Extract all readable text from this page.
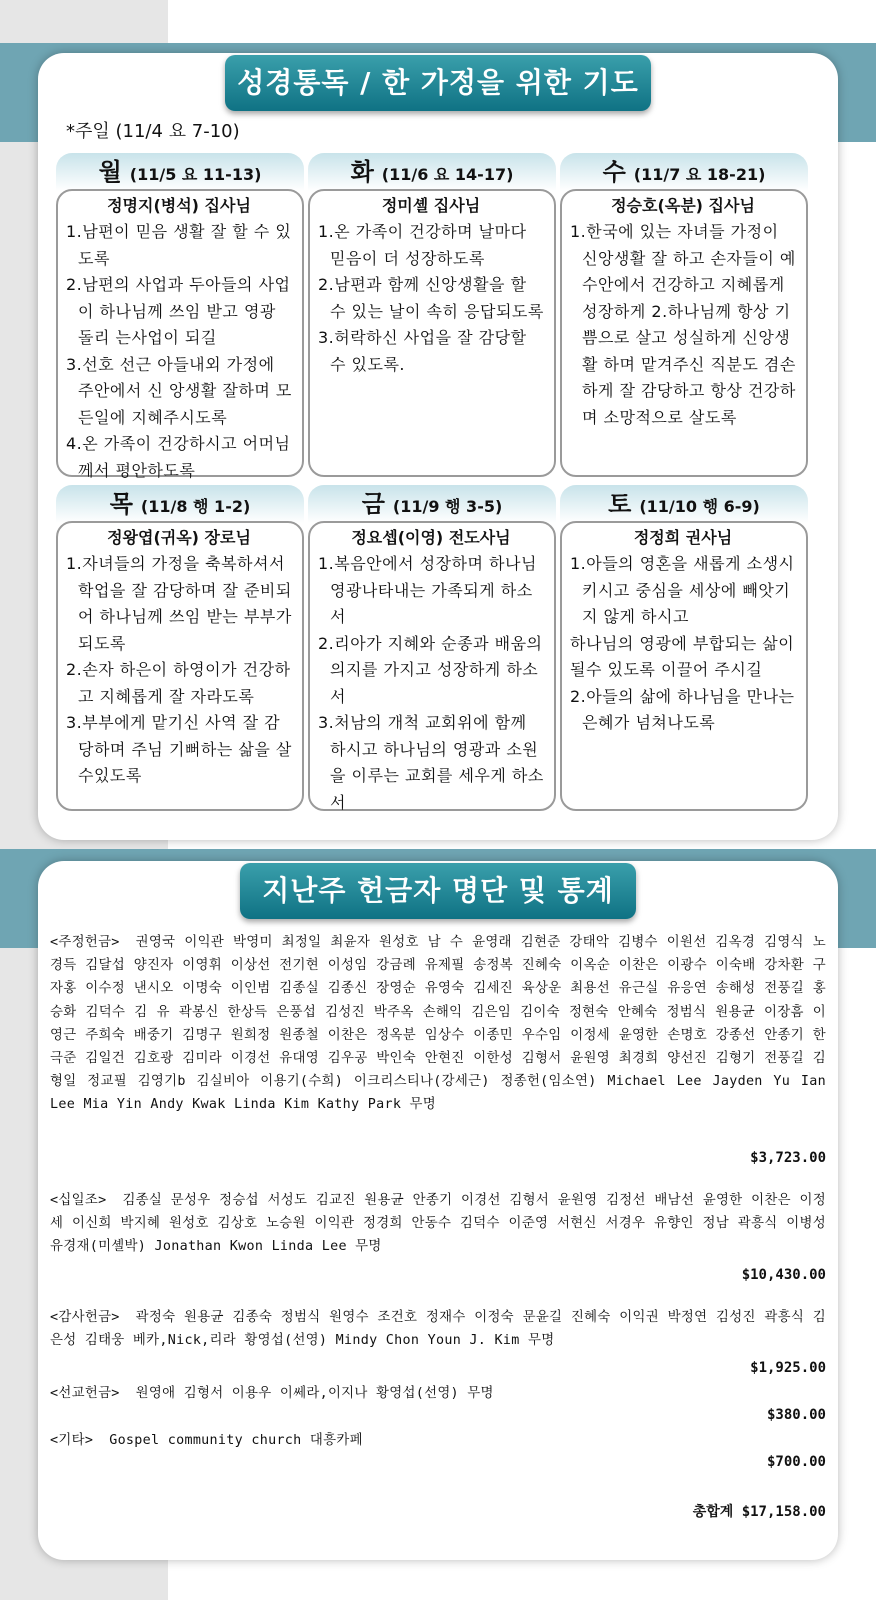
성경통독 / 한 가정을 위한 기도
*주일 (11/4 요 7-10)
월 (11/5 요 11-13)
정명지(병석) 집사님
1.남편이 믿음 생활 잘 할 수 있도록
2.남편의 사업과 두아들의 사업 이 하나님께 쓰임 받고 영광 돌리 는사업이 되길
3.선호 선근 아들내외 가정에 주안에서 신 앙생활 잘하며 모든일에 지혜주시도록
4.온 가족이 건강하시고 어머님께서 평안하도록
화 (11/6 요 14-17)
정미셸 집사님
1.온 가족이 건강하며 날마다 믿음이 더 성장하도록
2.남편과 함께 신앙생활을 할 수 있는 날이 속히 응답되도록
3.허락하신 사업을 잘 감당할 수 있도록.
수 (11/7 요 18-21)
정승호(옥분) 집사님
1.한국에 있는 자녀들 가정이 신앙생활 잘 하고 손자들이 예수안에서 건강하고 지혜롭게 성장하게 2.하나님께 항상 기쁨으로 살고 성실하게 신앙생활 하며 맡겨주신 직분도 겸손하게 잘 감당하고 항상 건강하며 소망적으로 살도록
목 (11/8 행 1-2)
정왕엽(귀옥) 장로님
1.자녀들의 가정을 축복하셔서 학업을 잘 감당하며 잘 준비되어 하나님께 쓰임 받는 부부가 되도록
2.손자 하은이 하영이가 건강하고 지혜롭게 잘 자라도록
3.부부에게 맡기신 사역 잘 감당하며 주님 기뻐하는 삶을 살 수있도록
금 (11/9 행 3-5)
정요셉(이영) 전도사님
1.복음안에서 성장하며 하나님 영광나타내는 가족되게 하소서
2.리아가 지혜와 순종과 배움의 의지를 가지고 성장하게 하소서
3.처남의 개척 교회위에 함께 하시고 하나님의 영광과 소원을 이루는 교회를 세우게 하소서
토 (11/10 행 6-9)
정정희 권사님
1.아들의 영혼을 새롭게 소생시키시고 중심을 세상에 빼앗기지 않게 하시고
하나님의 영광에 부합되는 삶이 될수 있도록 이끌어 주시길
2.아들의 삶에 하나님을 만나는 은혜가 넘쳐나도록
지난주 헌금자 명단 및 통계
<주정헌금> 권영국 이익관 박영미 최정일 최윤자 원성호 남 수 윤영래 김현준 강태악 김병수 이원선 김옥경 김영식 노경득 김달섭 양진자 이영휘 이상선 전기현 이성임 강금례 유제필 송정복 진혜숙 이옥순 이찬은 이광수 이숙배 강차환 구자홍 이수정 낸시오 이명숙 이인범 김종실 김종신 장영순 유영숙 김세진 육상운 최용선 유근실 유응연 송해성 전풍길 홍승화 김덕수 김 유 곽봉신 한상득 은풍섭 김성진 박주옥 손해익 김은임 김이숙 정현숙 안혜숙 정범식 원용균 이장흠 이영근 주희숙 배중기 김명구 원희정 원종철 이찬은 정옥분 임상수 이종민 우수임 이정세 윤영한 손명호 강종선 안종기 한극준 김일건 김호광 김미라 이경선 유대영 김우공 박인숙 안현진 이한성 김형서 윤원영 최경희 양선진 김형기 전풍길 김형일 정교필 김영기b 김실비아 이용기(수희) 이크리스티나(강세근) 정종헌(임소연) Michael Lee Jayden Yu Ian Lee Mia Yin Andy Kwak Linda Kim Kathy Park 무명
$3,723.00
<십일조> 김종실 문성우 정승섭 서성도 김교진 원용균 안종기 이경선 김형서 윤원영 김정선 배남선 윤영한 이찬은 이정세 이신희 박지혜 원성호 김상호 노승원 이익관 정경희 안동수 김덕수 이준영 서현신 서경우 유향인 정남 곽흥식 이병성 유경재(미셸박) Jonathan Kwon Linda Lee 무명
$10,430.00
<감사헌금> 곽정숙 원용균 김종숙 정범식 원영수 조건호 정재수 이정숙 문윤길 진혜숙 이익권 박정연 김성진 곽흥식 김은성 김태웅 베카,Nick,리라 황영섭(선영) Mindy Chon Youn J. Kim 무명
$1,925.00
<선교헌금> 원영애 김형서 이용우 이쎄라,이지나 황영섭(선영) 무명
$380.00
<기타> Gospel community church 대흥카페
$700.00
총합계 $17,158.00
